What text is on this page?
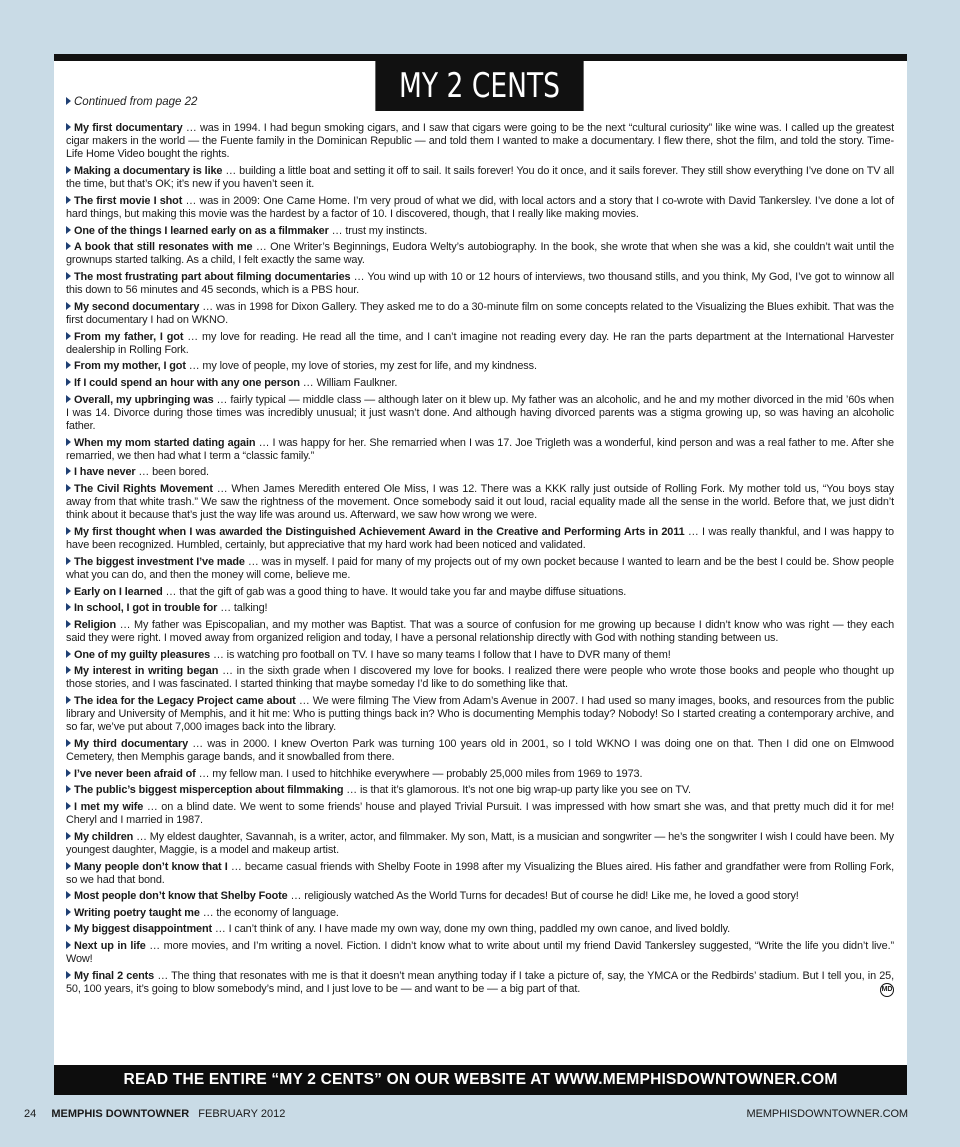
MY 2 CENTS
Continued from page 22

My first documentary … was in 1994. I had begun smoking cigars, and I saw that cigars were going to be the next “cultural curiosity” like wine was. I called up the greatest cigar makers in the world — the Fuente family in the Dominican Republic — and told them I wanted to make a documentary. I flew there, shot the film, and told the story. Time-Life Home Video bought the rights.

Making a documentary is like … building a little boat and setting it off to sail. It sails forever! You do it once, and it sails forever. They still show everything I’ve done on TV all the time, but that’s OK; it’s new if you haven’t seen it.

The first movie I shot … was in 2009: One Came Home. I’m very proud of what we did, with local actors and a story that I co-wrote with David Tankersley. I’ve done a lot of hard things, but making this movie was the hardest by a factor of 10. I discovered, though, that I really like making movies.

One of the things I learned early on as a filmmaker … trust my instincts.

A book that still resonates with me … One Writer’s Beginnings, Eudora Welty’s autobiography. In the book, she wrote that when she was a kid, she couldn’t wait until the grownups started talking. As a child, I felt exactly the same way.

The most frustrating part about filming documentaries … You wind up with 10 or 12 hours of interviews, two thousand stills, and you think, My God, I’ve got to winnow all this down to 56 minutes and 45 seconds, which is a PBS hour.

My second documentary … was in 1998 for Dixon Gallery. They asked me to do a 30-minute film on some concepts related to the Visualizing the Blues exhibit. That was the first documentary I had on WKNO.

From my father, I got … my love for reading. He read all the time, and I can’t imagine not reading every day. He ran the parts department at the International Harvester dealership in Rolling Fork.

From my mother, I got … my love of people, my love of stories, my zest for life, and my kindness.

If I could spend an hour with any one person … William Faulkner.

Overall, my upbringing was … fairly typical — middle class — although later on it blew up. My father was an alcoholic, and he and my mother divorced in the mid ’60s when I was 14. Divorce during those times was incredibly unusual; it just wasn’t done. And although having divorced parents was a stigma growing up, so was having an alcoholic father.

When my mom started dating again … I was happy for her. She remarried when I was 17. Joe Trigleth was a wonderful, kind person and was a real father to me. After she remarried, we then had what I term a “classic family.”

I have never … been bored.

The Civil Rights Movement … When James Meredith entered Ole Miss, I was 12. There was a KKK rally just outside of Rolling Fork. My mother told us, “You boys stay away from that white trash.” We saw the rightness of the movement. Once somebody said it out loud, racial equality made all the sense in the world. Before that, we just didn’t think about it because that’s just the way life was around us. Afterward, we saw how wrong we were.

My first thought when I was awarded the Distinguished Achievement Award in the Creative and Performing Arts in 2011 … I was really thankful, and I was happy to have been recognized. Humbled, certainly, but appreciative that my hard work had been noticed and validated.

The biggest investment I’ve made … was in myself. I paid for many of my projects out of my own pocket because I wanted to learn and be the best I could be. Show people what you can do, and then the money will come, believe me.

Early on I learned … that the gift of gab was a good thing to have. It would take you far and maybe diffuse situations.

In school, I got in trouble for … talking!

Religion … My father was Episcopalian, and my mother was Baptist. That was a source of confusion for me growing up because I didn’t know who was right — they each said they were right. I moved away from organized religion and today, I have a personal relationship directly with God with nothing standing between us.

One of my guilty pleasures … is watching pro football on TV. I have so many teams I follow that I have to DVR many of them!

My interest in writing began … in the sixth grade when I discovered my love for books. I realized there were people who wrote those books and people who thought up those stories, and I was fascinated. I started thinking that maybe someday I’d like to do something like that.

The idea for the Legacy Project came about … We were filming The View from Adam’s Avenue in 2007. I had used so many images, books, and resources from the public library and University of Memphis, and it hit me: Who is putting things back in? Who is documenting Memphis today? Nobody! So I started creating a contemporary archive, and so far, we’ve put about 7,000 images back into the library.

My third documentary … was in 2000. I knew Overton Park was turning 100 years old in 2001, so I told WKNO I was doing one on that. Then I did one on Elmwood Cemetery, then Memphis garage bands, and it snowballed from there.

I’ve never been afraid of … my fellow man. I used to hitchhike everywhere — probably 25,000 miles from 1969 to 1973.

The public’s biggest misperception about filmmaking … is that it’s glamorous. It’s not one big wrap-up party like you see on TV.

I met my wife … on a blind date. We went to some friends’ house and played Trivial Pursuit. I was impressed with how smart she was, and that pretty much did it for me! Cheryl and I married in 1987.

My children … My eldest daughter, Savannah, is a writer, actor, and filmmaker. My son, Matt, is a musician and songwriter — he’s the songwriter I wish I could have been. My youngest daughter, Maggie, is a model and makeup artist.

Many people don’t know that I … became casual friends with Shelby Foote in 1998 after my Visualizing the Blues aired. His father and grandfather were from Rolling Fork, so we had that bond.

Most people don’t know that Shelby Foote … religiously watched As the World Turns for decades! But of course he did! Like me, he loved a good story!

Writing poetry taught me … the economy of language.

My biggest disappointment … I can’t think of any. I have made my own way, done my own thing, paddled my own canoe, and lived boldly.

Next up in life … more movies, and I’m writing a novel. Fiction. I didn’t know what to write about until my friend David Tankersley suggested, “Write the life you didn’t live.” Wow!

My final 2 cents … The thing that resonates with me is that it doesn’t mean anything today if I take a picture of, say, the YMCA or the Redbirds’ stadium. But I tell you, in 25, 50, 100 years, it’s going to blow somebody’s mind, and I just love to be — and want to be — a big part of that.	MD

READ THE ENTIRE “MY 2 CENTS” ON OUR WEBSITE AT WWW.MEMPHISDOWNTOWNER.COM
24 MEMPHIS DOWNTOWNER FEBRUARY 2012	MEMPHISDOWNTOWNER.COM
